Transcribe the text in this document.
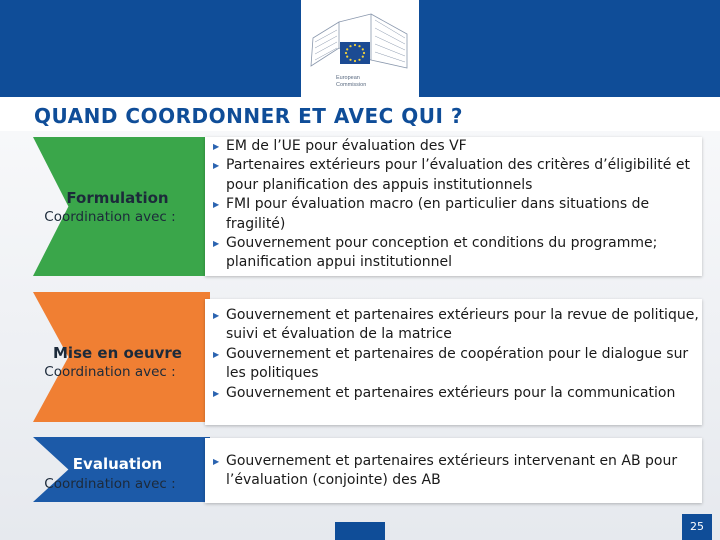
European
Commission
QUAND COORDONNER ET AVEC QUI ?
Formulation
Coordination avec :
▶ EM de l’UE pour évaluation des VF
▶ Partenaires extérieurs pour l’évaluation des critères d’éligibilité et pour planification des appuis institutionnels
▶ FMI pour évaluation macro (en particulier dans situations de fragilité)
▶ Gouvernement pour conception et conditions du programme; planification appui institutionnel
Mise en oeuvre
Coordination avec :
▶ Gouvernement et partenaires extérieurs pour la revue de politique, suivi et évaluation de la matrice
▶ Gouvernement et partenaires de coopération pour le dialogue sur les politiques
▶ Gouvernement et partenaires extérieurs pour la communication
Evaluation
Coordination avec :
▶ Gouvernement et partenaires extérieurs intervenant en AB pour l’évaluation (conjointe) des AB
25
